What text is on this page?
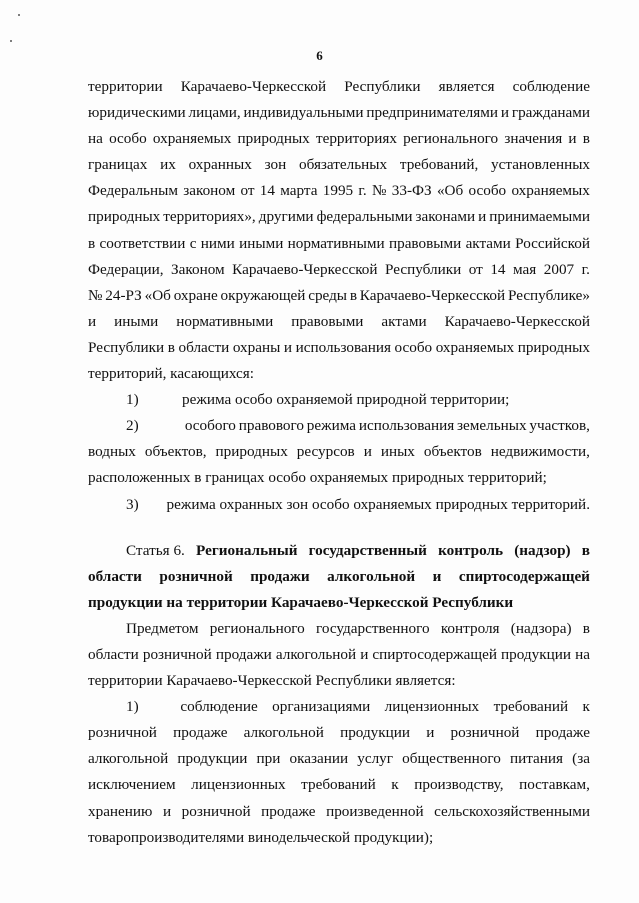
6
территории Карачаево-Черкесской Республики является соблюдение
юридическими лицами, индивидуальными предпринимателями и гражданами
на особо охраняемых природных территориях регионального значения и в
границах их охранных зон обязательных требований, установленных
Федеральным законом от 14 марта 1995 г. № 33-ФЗ «Об особо охраняемых
природных территориях», другими федеральными законами и принимаемыми
в соответствии с ними иными нормативными правовыми актами Российской
Федерации, Законом Карачаево-Черкесской Республики от 14 мая 2007 г.
№ 24-РЗ «Об охране окружающей среды в Карачаево-Черкесской Республике»
и иными нормативными правовыми актами Карачаево-Черкесской
Республики в области охраны и использования особо охраняемых природных
территорий, касающихся:
1)	режима особо охраняемой природной территории;
2)	особого правового режима использования земельных участков,
водных объектов, природных ресурсов и иных объектов недвижимости,
расположенных в границах особо охраняемых природных территорий;
3)	режима охранных зон особо охраняемых природных территорий.
Статья 6. Региональный государственный контроль (надзор) в
области розничной продажи алкогольной и спиртосодержащей
продукции на территории Карачаево-Черкесской Республики
Предметом регионального государственного контроля (надзора) в
области розничной продажи алкогольной и спиртосодержащей продукции на
территории Карачаево-Черкесской Республики является:
1)	соблюдение организациями лицензионных требований к
розничной продаже алкогольной продукции и розничной продаже
алкогольной продукции при оказании услуг общественного питания (за
исключением лицензионных требований к производству, поставкам,
хранению и розничной продаже произведенной сельскохозяйственными
товаропроизводителями винодельческой продукции);
